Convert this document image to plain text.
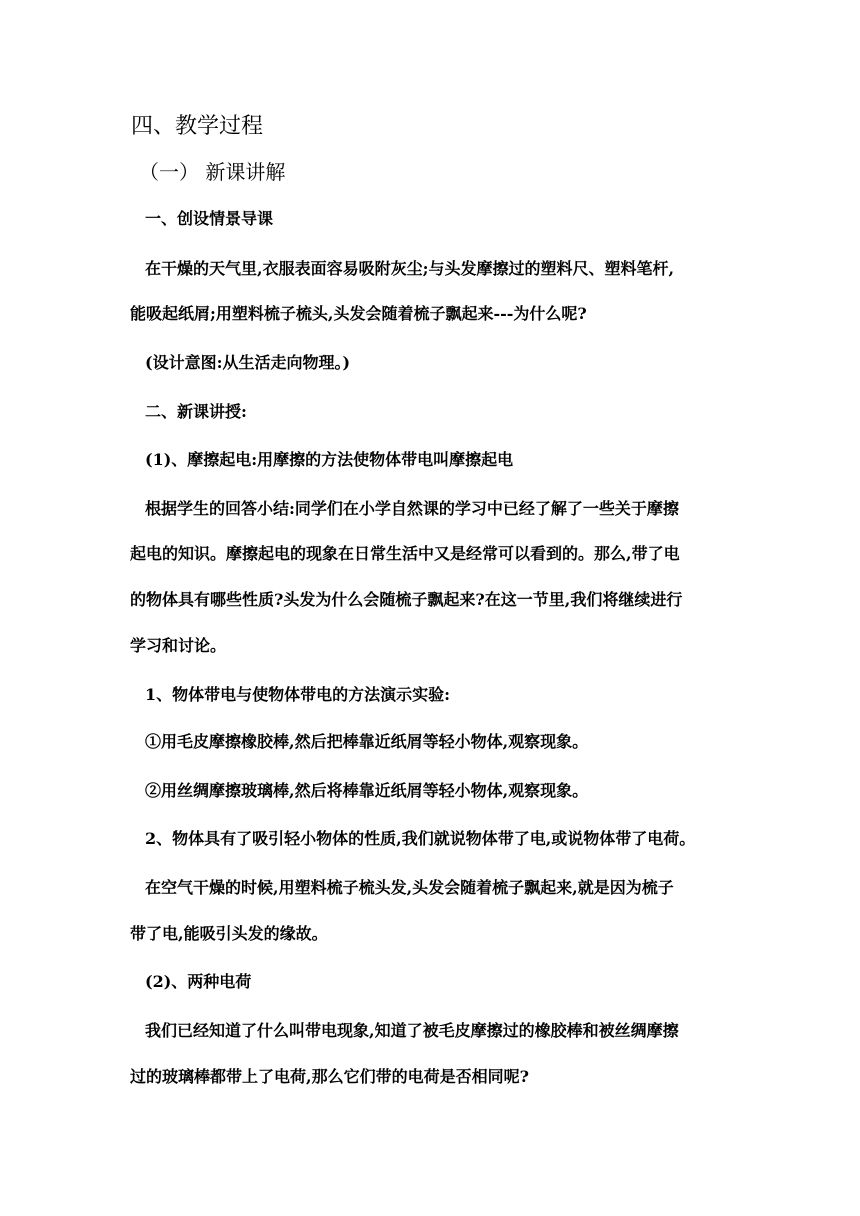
四、教学过程
（一） 新课讲解
一、创设情景导课
在干燥的天气里,衣服表面容易吸附灰尘;与头发摩擦过的塑料尺、塑料笔杆,
能吸起纸屑;用塑料梳子梳头,头发会随着梳子飘起来---为什么呢?
(设计意图:从生活走向物理。)
二、新课讲授:
(1)、摩擦起电:用摩擦的方法使物体带电叫摩擦起电
根据学生的回答小结:同学们在小学自然课的学习中已经了解了一些关于摩擦
起电的知识。摩擦起电的现象在日常生活中又是经常可以看到的。那么,带了电
的物体具有哪些性质?头发为什么会随梳子飘起来?在这一节里,我们将继续进行
学习和讨论。
1、物体带电与使物体带电的方法演示实验:
①用毛皮摩擦橡胶棒,然后把棒靠近纸屑等轻小物体,观察现象。
②用丝绸摩擦玻璃棒,然后将棒靠近纸屑等轻小物体,观察现象。
2、物体具有了吸引轻小物体的性质,我们就说物体带了电,或说物体带了电荷。
在空气干燥的时候,用塑料梳子梳头发,头发会随着梳子飘起来,就是因为梳子
带了电,能吸引头发的缘故。
(2)、两种电荷
我们已经知道了什么叫带电现象,知道了被毛皮摩擦过的橡胶棒和被丝绸摩擦
过的玻璃棒都带上了电荷,那么它们带的电荷是否相同呢?
